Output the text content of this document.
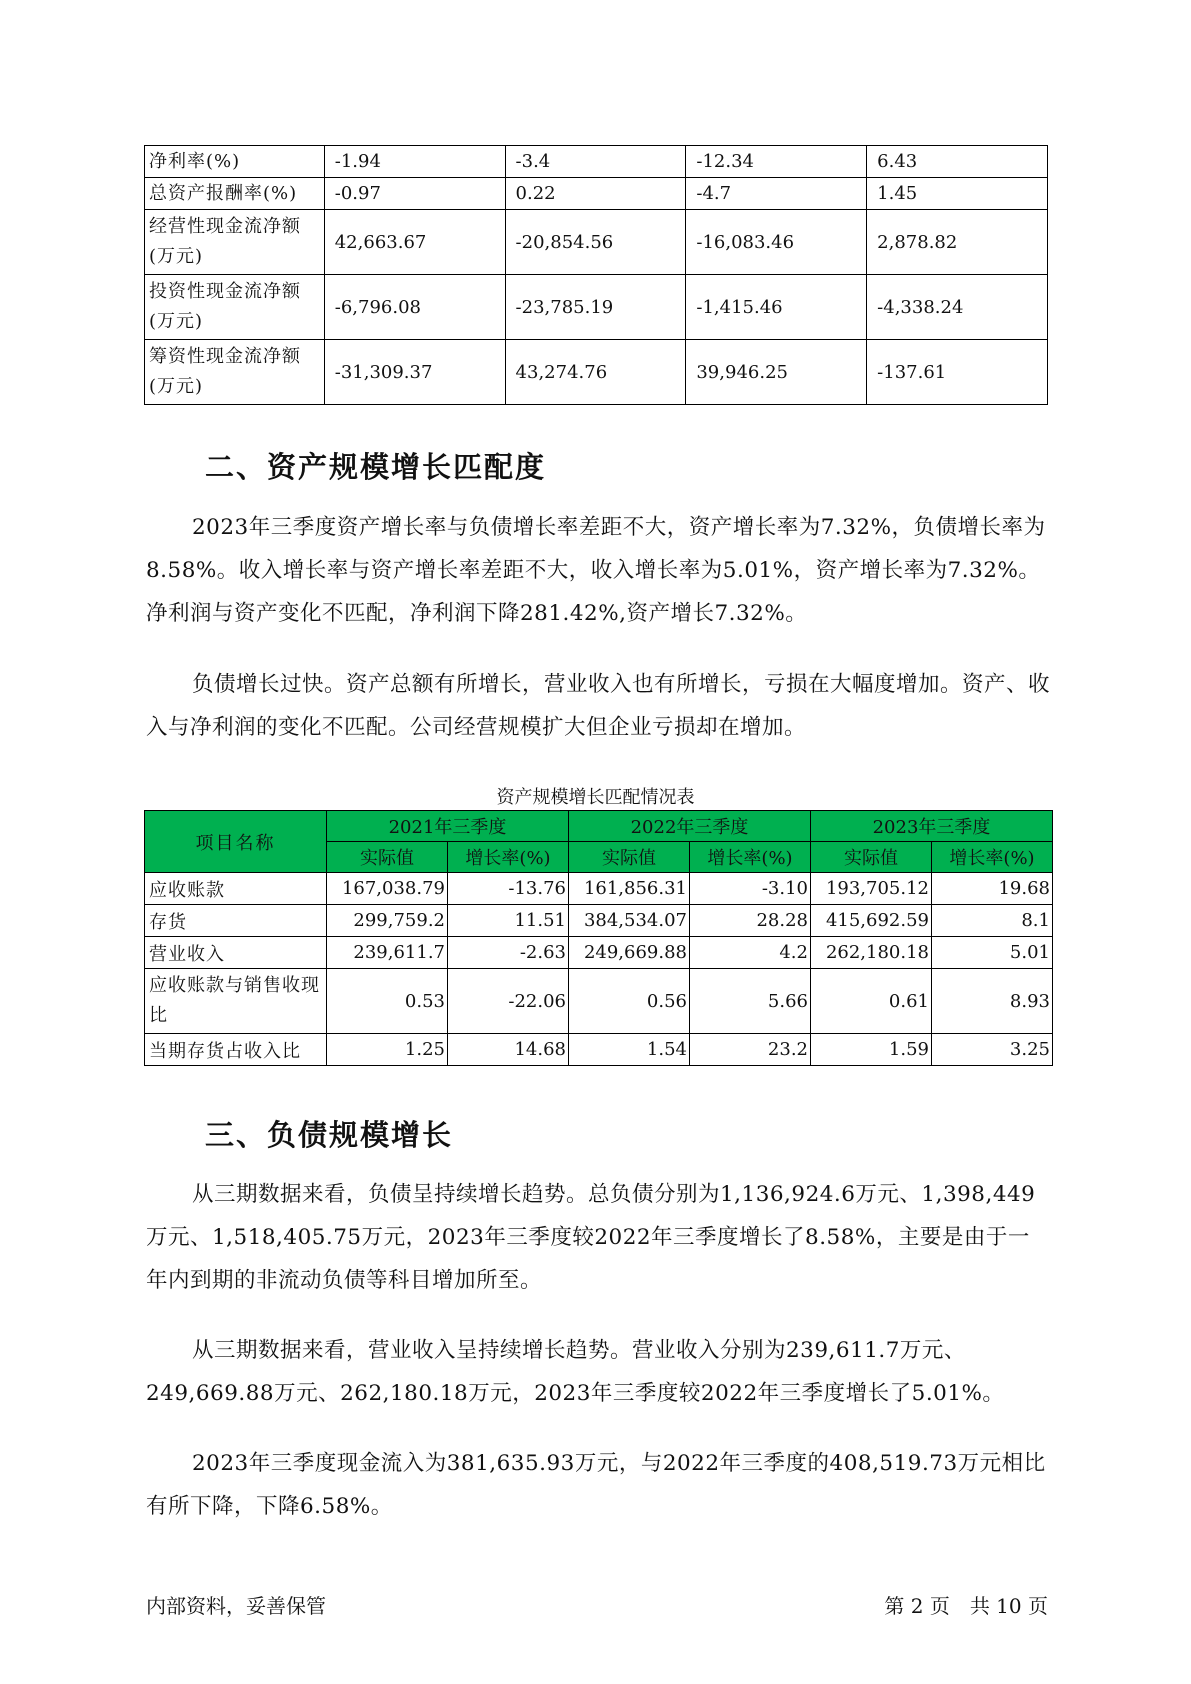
净利率(%)	-1.94	-3.4	-12.34	6.43
总资产报酬率(%)	-0.97	0.22	-4.7	1.45
经营性现金流净额(万元)	42,663.67	-20,854.56	-16,083.46	2,878.82
投资性现金流净额(万元)	-6,796.08	-23,785.19	-1,415.46	-4,338.24
筹资性现金流净额(万元)	-31,309.37	43,274.76	39,946.25	-137.61
二、资产规模增长匹配度

2023年三季度资产增长率与负债增长率差距不大，资产增长率为7.32%，负债增长率为8.58%。收入增长率与资产增长率差距不大，收入增长率为5.01%，资产增长率为7.32%。净利润与资产变化不匹配，净利润下降281.42%,资产增长7.32%。

负债增长过快。资产总额有所增长，营业收入也有所增长，亏损在大幅度增加。资产、收入与净利润的变化不匹配。公司经营规模扩大但企业亏损却在增加。

资产规模增长匹配情况表
项目名称	2021年三季度		2022年三季度		2023年三季度	
	实际值	增长率(%)	实际值	增长率(%)	实际值	增长率(%)
应收账款	167,038.79	-13.76	161,856.31	-3.10	193,705.12	19.68
存货	299,759.2	11.51	384,534.07	28.28	415,692.59	8.1
营业收入	239,611.7	-2.63	249,669.88	4.2	262,180.18	5.01
应收账款与销售收现比	0.53	-22.06	0.56	5.66	0.61	8.93
当期存货占收入比	1.25	14.68	1.54	23.2	1.59	3.25
三、负债规模增长

从三期数据来看，负债呈持续增长趋势。总负债分别为1,136,924.6万元、1,398,449万元、1,518,405.75万元，2023年三季度较2022年三季度增长了8.58%，主要是由于一年内到期的非流动负债等科目增加所至。

从三期数据来看，营业收入呈持续增长趋势。营业收入分别为239,611.7万元、249,669.88万元、262,180.18万元，2023年三季度较2022年三季度增长了5.01%。

2023年三季度现金流入为381,635.93万元，与2022年三季度的408,519.73万元相比有所下降，下降6.58%。

内部资料，妥善保管	第 2 页　共 10 页
